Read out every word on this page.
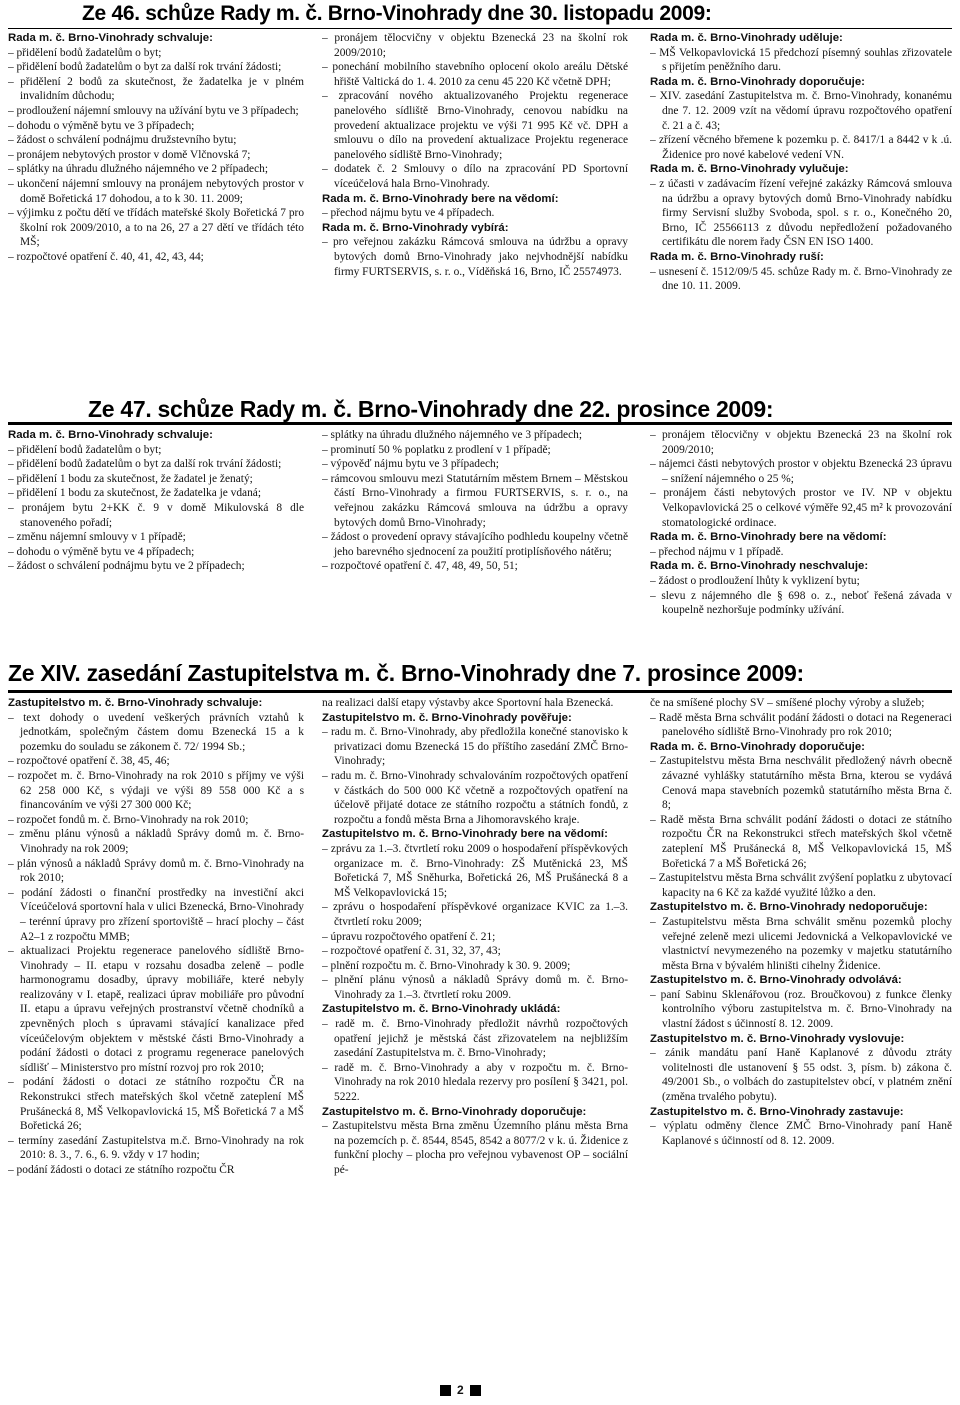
Ze 46. schůze Rady m. č. Brno-Vinohrady dne 30. listopadu 2009:

Rada m. č. Brno-Vinohrady schvaluje:

– přidělení bodů žadatelům o byt;

– přidělení bodů žadatelům o byt za další rok trvání žádosti;

– přidělení 2 bodů za skutečnost, že žadatelka je v plném invalidním důchodu;

– prodloužení nájemní smlouvy na užívání bytu ve 3 případech;

– dohodu o výměně bytu ve 3 případech;

– žádost o schválení podnájmu družstevního bytu;

– pronájem nebytových prostor v domě Vlčnovská 7;

– splátky na úhradu dlužného nájemného ve 2 případech;

– ukončení nájemní smlouvy na pronájem nebytových prostor v domě Bořetická 17 dohodou, a to k 30. 11. 2009;

– výjimku z počtu dětí ve třídách mateřské školy Bořetická 7 pro školní rok 2009/2010, a to na 26, 27 a 27 dětí ve třídách této MŠ;

– rozpočtové opatření č. 40, 41, 42, 43, 44;

– pronájem tělocvičny v objektu Bzenecká 23 na školní rok 2009/2010;

– ponechání mobilního stavebního oplocení okolo areálu Dětské hřiště Valtická do 1. 4. 2010 za cenu 45 220 Kč včetně DPH;

– zpracování nového aktualizovaného Projektu regenerace panelového sídliště Brno-Vinohrady, cenovou nabídku na provedení aktualizace projektu ve výši 71 995 Kč vč. DPH a smlouvu o dílo na provedení aktualizace Projektu regenerace panelového sídliště Brno-Vinohrady;

– dodatek č. 2 Smlouvy o dílo na zpracování PD Sportovní víceúčelová hala Brno-Vinohrady.

Rada m. č. Brno-Vinohrady bere na vědomí:

– přechod nájmu bytu ve 4 případech.

Rada m. č. Brno-Vinohrady vybírá:

– pro veřejnou zakázku Rámcová smlouva na údržbu a opravy bytových domů Brno-Vinohrady jako nejvhodnější nabídku firmy FURTSERVIS, s. r. o., Víděňská 16, Brno, IČ 25574973.

Rada m. č. Brno-Vinohrady uděluje:

– MŠ Velkopavlovická 15 předchozí písemný souhlas zřizovatele s přijetím peněžního daru.

Rada m. č. Brno-Vinohrady doporučuje:

– XIV. zasedání Zastupitelstva m. č. Brno-Vinohrady, konanému dne 7. 12. 2009 vzít na vědomí úpravu rozpočtového opatření č. 21 a č. 43;

– zřízení věcného břemene k pozemku p. č. 8417/1 a 8442 v k .ú. Židenice pro nové kabelové vedení VN.

Rada m. č. Brno-Vinohrady vylučuje:

– z účasti v zadávacím řízení veřejné zakázky Rámcová smlouva na údržbu a opravy bytových domů Brno-Vinohrady nabídku firmy Servisní služby Svoboda, spol. s r. o., Konečného 20, Brno, IČ 25566113 z důvodu nepředložení požadovaného certifikátu dle norem řady ČSN EN ISO 1400.

Rada m. č. Brno-Vinohrady ruší:

– usnesení č. 1512/09/5 45. schůze Rady m. č. Brno-Vinohrady ze dne 10. 11. 2009.

Ze 47. schůze Rady m. č. Brno-Vinohrady dne 22. prosince 2009:

Rada m. č. Brno-Vinohrady schvaluje:

– přidělení bodů žadatelům o byt;

– přidělení bodů žadatelům o byt za další rok trvání žádosti;

– přidělení 1 bodu za skutečnost, že žadatel je ženatý;

– přidělení 1 bodu za skutečnost, že žadatelka je vdaná;

– pronájem bytu 2+KK č. 9 v domě Mikulovská 8 dle stanoveného pořadí;

– změnu nájemní smlouvy v 1 případě;

– dohodu o výměně bytu ve 4 případech;

– žádost o schválení podnájmu bytu ve 2 případech;

– splátky na úhradu dlužného nájemného ve 3 případech;

– prominutí 50 % poplatku z prodlení v 1 případě;

– výpověď nájmu bytu ve 3 případech;

– rámcovou smlouvu mezi Statutárním městem Brnem – Městskou částí Brno-Vinohrady a firmou FURTSERVIS, s. r. o., na veřejnou zakázku Rámcová smlouva na údržbu a opravy bytových domů Brno-Vinohrady;

– žádost o provedení opravy stávajícího podhledu koupelny včetně jeho barevného sjednocení za použití protiplísňového nátěru;

– rozpočtové opatření č. 47, 48, 49, 50, 51;

– pronájem tělocvičny v objektu Bzenecká 23 na školní rok 2009/2010;

– nájemci části nebytových prostor v objektu Bzenecká 23 úpravu – snížení nájemného o 25 %;

– pronájem části nebytových prostor ve IV. NP v objektu Velkopavlovická 25 o celkové výměře 92,45 m² k provozování stomatologické ordinace.

Rada m. č. Brno-Vinohrady bere na vědomí:

– přechod nájmu v 1 případě.

Rada m. č. Brno-Vinohrady neschvaluje:

– žádost o prodloužení lhůty k vyklizení bytu;

– slevu z nájemného dle § 698 o. z., neboť řešená závada v koupelně nezhoršuje podmínky užívání.

Ze XIV. zasedání Zastupitelstva m. č. Brno-Vinohrady dne 7. prosince 2009:

Zastupitelstvo m. č. Brno-Vinohrady schvaluje:

– text dohody o uvedení veškerých právních vztahů k jednotkám, společným částem domu Bzenecká 15 a k pozemku do souladu se zákonem č. 72/ 1994 Sb.;

– rozpočtové opatření č. 38, 45, 46;

– rozpočet m. č. Brno-Vinohrady na rok 2010 s příjmy ve výši 62 258 000 Kč, s výdaji ve výši 89 558 000 Kč a s financováním ve výši 27 300 000 Kč;

– rozpočet fondů m. č. Brno-Vinohrady na rok 2010;

– změnu plánu výnosů a nákladů Správy domů m. č. Brno-Vinohrady na rok 2009;

– plán výnosů a nákladů Správy domů m. č. Brno-Vinohrady na rok 2010;

– podání žádosti o finanční prostředky na investiční akci Víceúčelová sportovní hala v ulici Bzenecká, Brno-Vinohrady – terénní úpravy pro zřízení sportoviště – hrací plochy – část A2–1 z rozpočtu MMB;

– aktualizaci Projektu regenerace panelového sídliště Brno-Vinohrady – II. etapu v rozsahu dosadba zeleně – podle harmonogramu dosadby, úpravy mobiliáře, které nebyly realizovány v I. etapě, realizaci úprav mobiliáře pro původní II. etapu a úpravu veřejných prostranství včetně chodníků a zpevněných ploch s úpravami stávající kanalizace před víceúčelovým objektem v městské části Brno-Vinohrady a podání žádosti o dotaci z programu regenerace panelových sídlišť – Ministerstvo pro místní rozvoj pro rok 2010;

– podání žádosti o dotaci ze státního rozpočtu ČR na Rekonstrukci střech mateřských škol včetně zateplení MŠ Prušánecká 8, MŠ Velkopavlovická 15, MŠ Bořetická 7 a MŠ Bořetická 26;

– termíny zasedání Zastupitelstva m.č. Brno-Vinohrady na rok 2010: 8. 3., 7. 6., 6. 9. vždy v 17 hodin;

– podání žádosti o dotaci ze státního rozpočtu ČR

na realizaci další etapy výstavby akce Sportovní hala Bzenecká.

Zastupitelstvo m. č. Brno-Vinohrady pověřuje:

– radu m. č. Brno-Vinohrady, aby předložila konečné stanovisko k privatizaci domu Bzenecká 15 do příštího zasedání ZMČ Brno-Vinohrady;

– radu m. č. Brno-Vinohrady schvalováním rozpočtových opatření v částkách do 500 000 Kč včetně a rozpočtových opatření na účelově přijaté dotace ze státního rozpočtu a státních fondů, z rozpočtu a fondů města Brna a Jihomoravského kraje.

Zastupitelstvo m. č. Brno-Vinohrady bere na vědomí:

– zprávu za 1.–3. čtvrtletí roku 2009 o hospodaření příspěvkových organizace m. č. Brno-Vinohrady: ZŠ Mutěnická 23, MŠ Bořetická 7, MŠ Sněhurka, Bořetická 26, MŠ Prušánecká 8 a MŠ Velkopavlovická 15;

– zprávu o hospodaření příspěvkové organizace KVIC za 1.–3. čtvrtletí roku 2009;

– úpravu rozpočtového opatření č. 21;

– rozpočtové opatření č. 31, 32, 37, 43;

– plnění rozpočtu m. č. Brno-Vinohrady k 30. 9. 2009;

– plnění plánu výnosů a nákladů Správy domů m. č. Brno-Vinohrady za 1.–3. čtvrtletí roku 2009.

Zastupitelstvo m. č. Brno-Vinohrady ukládá:

– radě m. č. Brno-Vinohrady předložit návrhů rozpočtových opatření jejichž je městská část zřizovatelem na nejbližším zasedání Zastupitelstva m. č. Brno-Vinohrady;

– radě m. č. Brno-Vinohrady a aby v rozpočtu m. č. Brno-Vinohrady na rok 2010 hledala rezervy pro posílení § 3421, pol. 5222.

Zastupitelstvo m. č. Brno-Vinohrady doporučuje:

– Zastupitelstvu města Brna změnu Územního plánu města Brna na pozemcích p. č. 8544, 8545, 8542 a 8077/2 v k. ú. Židenice z funkční plochy – plocha pro veřejnou vybavenost OP – sociální pé-

če na smíšené plochy SV – smíšené plochy výroby a služeb;

– Radě města Brna schválit podání žádosti o dotaci na Regeneraci panelového sídliště Brno-Vinohrady pro rok 2010;

Rada m. č. Brno-Vinohrady doporučuje:

– Zastupitelstvu města Brna neschválit předložený návrh obecně závazné vyhlášky statutárního města Brna, kterou se vydává Cenová mapa stavebních pozemků statutárního města Brna č. 8;

– Radě města Brna schválit podání žádosti o dotaci ze státního rozpočtu ČR na Rekonstrukci střech mateřských škol včetně zateplení MŠ Prušánecká 8, MŠ Velkopavlovická 15, MŠ Bořetická 7 a MŠ Bořetická 26;

– Zastupitelstvu města Brna schválit zvýšení poplatku z ubytovací kapacity na 6 Kč za každé využité lůžko a den.

Zastupitelstvo m. č. Brno-Vinohrady nedoporučuje:

– Zastupitelstvu města Brna schválit směnu pozemků plochy veřejné zeleně mezi ulicemi Jedovnická a Velkopavlovické ve vlastnictví nevymezeného na pozemky v majetku statutárního města Brna v bývalém hliništi cihelny Židenice.

Zastupitelstvo m. č. Brno-Vinohrady odvolává:

– paní Sabinu Sklenářovou (roz. Broučkovou) z funkce členky kontrolního výboru zastupitelstva m. č. Brno-Vinohrady na vlastní žádost s účinností 8. 12. 2009.

Zastupitelstvo m. č. Brno-Vinohrady vyslovuje:

– zánik mandátu paní Haně Kaplanové z důvodu ztráty volitelnosti dle ustanovení § 55 odst. 3, písm. b) zákona č. 49/2001 Sb., o volbách do zastupitelstev obcí, v platném znění (změna trvalého pobytu).

Zastupitelstvo m. č. Brno-Vinohrady zastavuje:

– výplatu odměny člence ZMČ Brno-Vinohrady paní Haně Kaplanové s účinností od 8. 12. 2009.

2
